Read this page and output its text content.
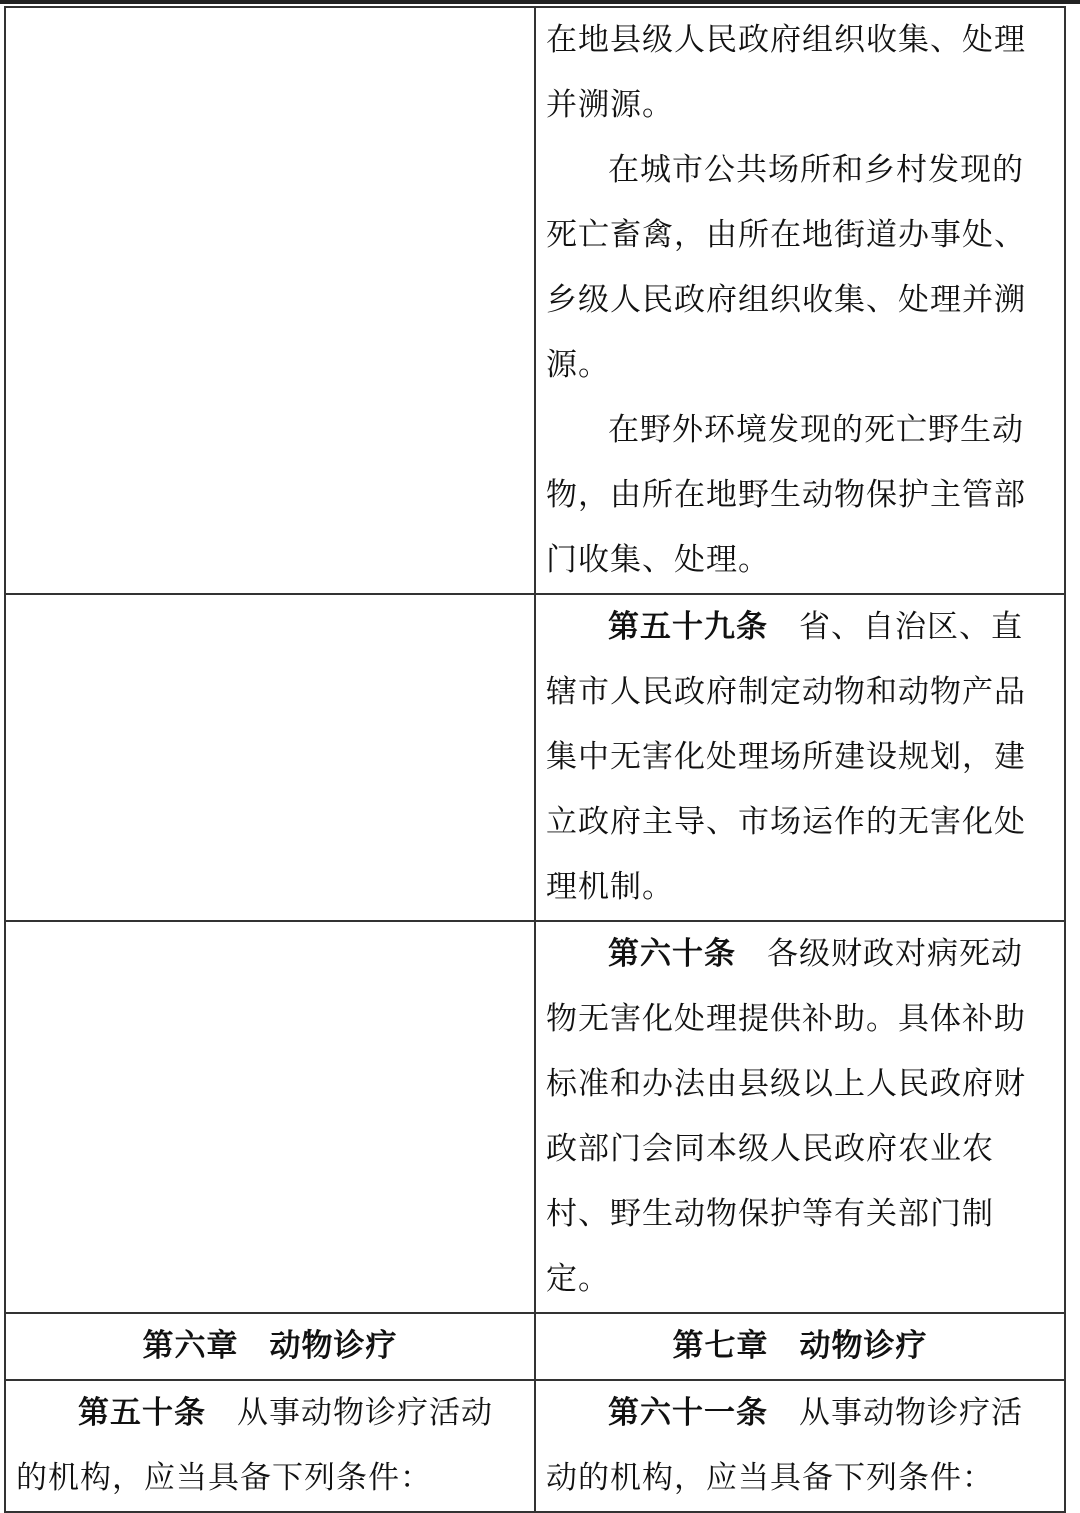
	在地县级人民政府组织收集、处理并溯源。

在城市公共场所和乡村发现的死亡畜禽，由所在地街道办事处、乡级人民政府组织收集、处理并溯源。

在野外环境发现的死亡野生动物，由所在地野生动物保护主管部门收集、处理。

	第五十九条 省、自治区、直辖市人民政府制定动物和动物产品集中无害化处理场所建设规划，建立政府主导、市场运作的无害化处理机制。

	第六十条 各级财政对病死动物无害化处理提供补助。具体补助标准和办法由县级以上人民政府财政部门会同本级人民政府农业农村、野生动物保护等有关部门制定。

第六章 动物诊疗	第七章 动物诊疗

第五十条 从事动物诊疗活动的机构，应当具备下列条件：	第六十一条 从事动物诊疗活动的机构，应当具备下列条件：
